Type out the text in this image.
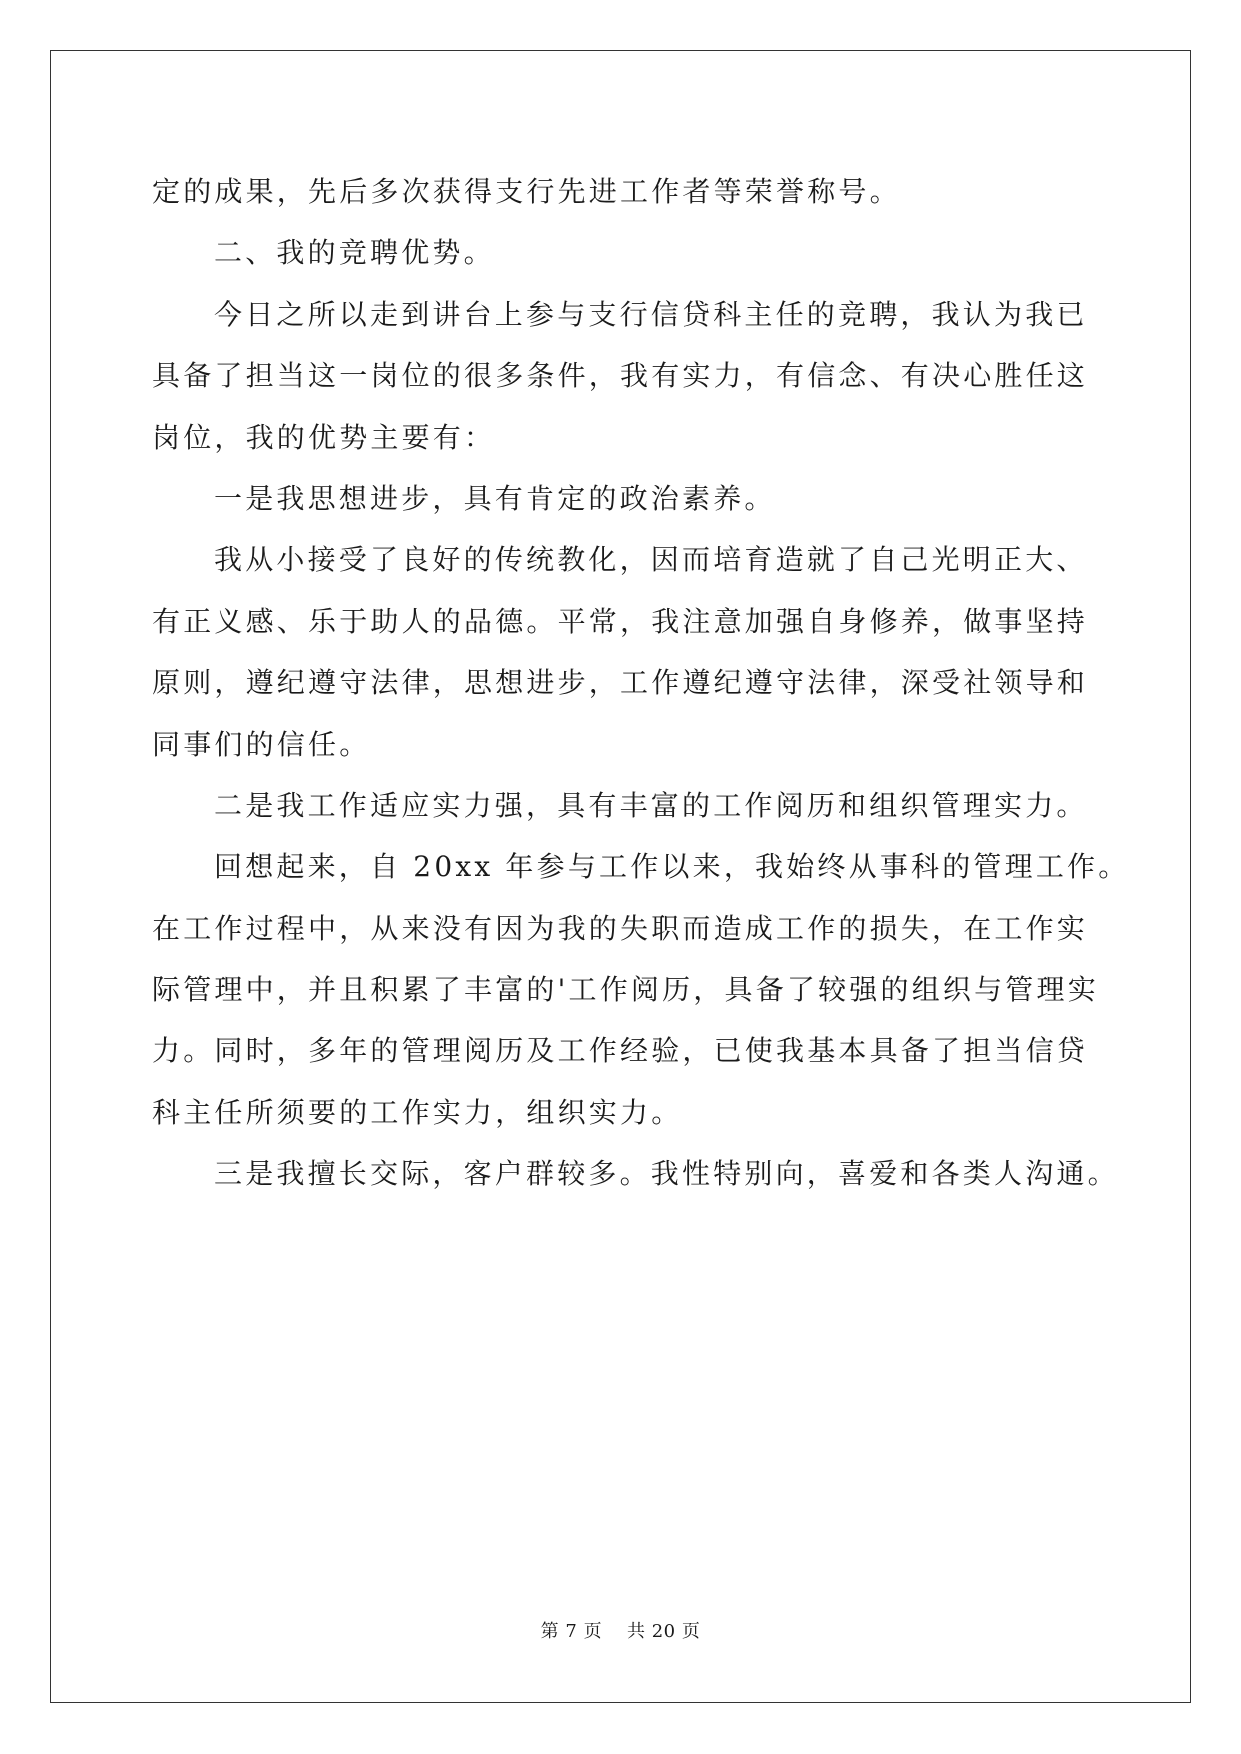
定的成果，先后多次获得支行先进工作者等荣誉称号。
二、我的竞聘优势。
今日之所以走到讲台上参与支行信贷科主任的竞聘，我认为我已
具备了担当这一岗位的很多条件，我有实力，有信念、有决心胜任这
岗位，我的优势主要有：
一是我思想进步，具有肯定的政治素养。
我从小接受了良好的传统教化，因而培育造就了自己光明正大、
有正义感、乐于助人的品德。平常，我注意加强自身修养，做事坚持
原则，遵纪遵守法律，思想进步，工作遵纪遵守法律，深受社领导和
同事们的信任。
二是我工作适应实力强，具有丰富的工作阅历和组织管理实力。
回想起来，自 20xx 年参与工作以来，我始终从事科的管理工作。
在工作过程中，从来没有因为我的失职而造成工作的损失，在工作实
际管理中，并且积累了丰富的'工作阅历，具备了较强的组织与管理实
力。同时，多年的管理阅历及工作经验，已使我基本具备了担当信贷
科主任所须要的工作实力，组织实力。
三是我擅长交际，客户群较多。我性特别向，喜爱和各类人沟通。
第 7 页 共 20 页
